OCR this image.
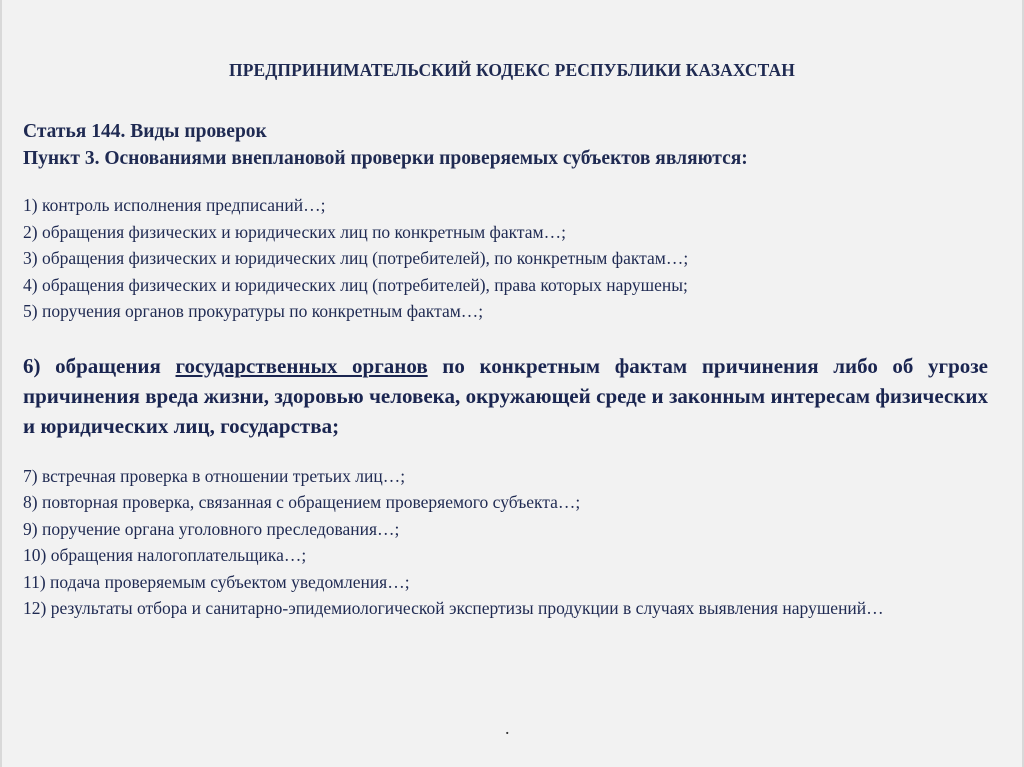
ПРЕДПРИНИМАТЕЛЬСКИЙ КОДЕКС РЕСПУБЛИКИ КАЗАХСТАН

Статья 144. Виды проверок

Пункт 3. Основаниями внеплановой проверки проверяемых субъектов являются:

1) контроль исполнения предписаний…;
2) обращения физических и юридических лиц по конкретным фактам…;
3) обращения физических и юридических лиц (потребителей), по конкретным фактам…;
4) обращения физических и юридических лиц (потребителей), права которых нарушены;
5) поручения органов прокуратуры по конкретным фактам…;

6) обращения государственных органов по конкретным фактам причинения либо об угрозе причинения вреда жизни, здоровью человека, окружающей среде и законным интересам физических и юридических лиц, государства;

7) встречная проверка в отношении третьих лиц…;
8) повторная проверка, связанная с обращением проверяемого субъекта…;
9) поручение органа уголовного преследования…;
10) обращения налогоплательщика…;
11) подача проверяемым субъектом уведомления…;
12) результаты отбора и санитарно-эпидемиологической экспертизы продукции в случаях выявления нарушений…
.
